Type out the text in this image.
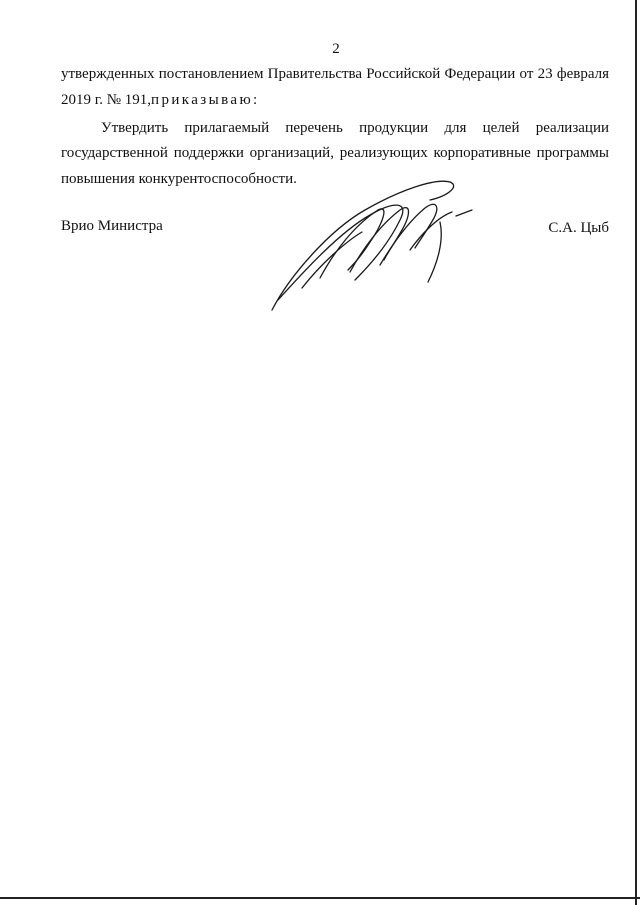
2
утвержденных постановлением Правительства Российской Федерации от 23 февраля
2019 г. № 191,приказываю:
Утвердить прилагаемый перечень продукции для целей реализации
государственной поддержки организаций, реализующих корпоративные программы
повышения конкурентоспособности.
Врио Министра	С.А. Цыб
